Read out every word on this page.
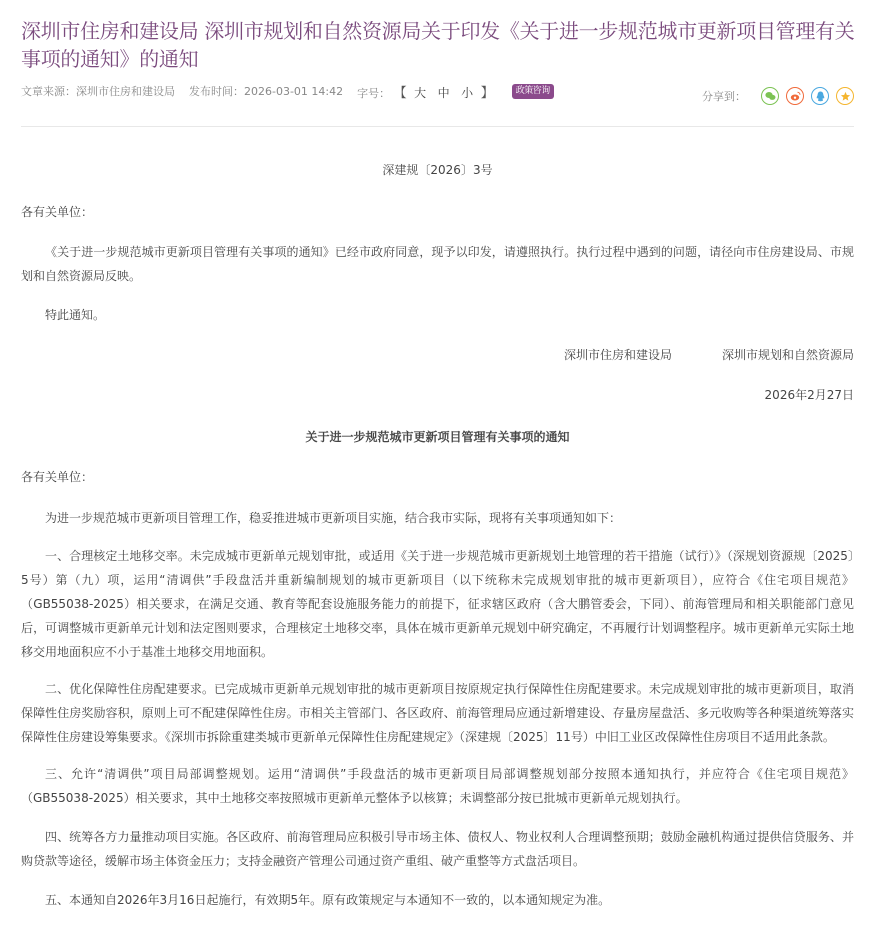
深圳市住房和建设局 深圳市规划和自然资源局关于印发《关于进一步规范城市更新项目管理有关事项的通知》的通知
文章来源：深圳市住房和建设局 发布时间：2026-03-01 14:42 字号： 【 大 中 小 】	政策咨询	分享到：

深建规〔2026〕3号

各有关单位：

《关于进一步规范城市更新项目管理有关事项的通知》已经市政府同意，现予以印发，请遵照执行。执行过程中遇到的问题，请径向市住房建设局、市规划和自然资源局反映。

特此通知。

深圳市住房和建设局	深圳市规划和自然资源局

2026年2月27日

关于进一步规范城市更新项目管理有关事项的通知

各有关单位：

为进一步规范城市更新项目管理工作，稳妥推进城市更新项目实施，结合我市实际，现将有关事项通知如下：

一、合理核定土地移交率。未完成城市更新单元规划审批，或适用《关于进一步规范城市更新规划土地管理的若干措施（试行）》（深规划资源规〔2025〕5号）第（九）项，运用“清调供”手段盘活并重新编制规划的城市更新项目（以下统称未完成规划审批的城市更新项目），应符合《住宅项目规范》（GB55038-2025）相关要求，在满足交通、教育等配套设施服务能力的前提下，征求辖区政府（含大鹏管委会，下同）、前海管理局和相关职能部门意见后，可调整城市更新单元计划和法定图则要求，合理核定土地移交率，具体在城市更新单元规划中研究确定，不再履行计划调整程序。城市更新单元实际土地移交用地面积应不小于基准土地移交用地面积。

二、优化保障性住房配建要求。已完成城市更新单元规划审批的城市更新项目按原规定执行保障性住房配建要求。未完成规划审批的城市更新项目，取消保障性住房奖励容积，原则上可不配建保障性住房。市相关主管部门、各区政府、前海管理局应通过新增建设、存量房屋盘活、多元收购等各种渠道统筹落实保障性住房建设筹集要求。《深圳市拆除重建类城市更新单元保障性住房配建规定》（深建规〔2025〕11号）中旧工业区改保障性住房项目不适用此条款。

三、允许“清调供”项目局部调整规划。运用“清调供”手段盘活的城市更新项目局部调整规划部分按照本通知执行，并应符合《住宅项目规范》（GB55038-2025）相关要求，其中土地移交率按照城市更新单元整体予以核算；未调整部分按已批城市更新单元规划执行。

四、统筹各方力量推动项目实施。各区政府、前海管理局应积极引导市场主体、债权人、物业权利人合理调整预期；鼓励金融机构通过提供信贷服务、并购贷款等途径，缓解市场主体资金压力；支持金融资产管理公司通过资产重组、破产重整等方式盘活项目。

五、本通知自2026年3月16日起施行，有效期5年。原有政策规定与本通知不一致的，以本通知规定为准。
